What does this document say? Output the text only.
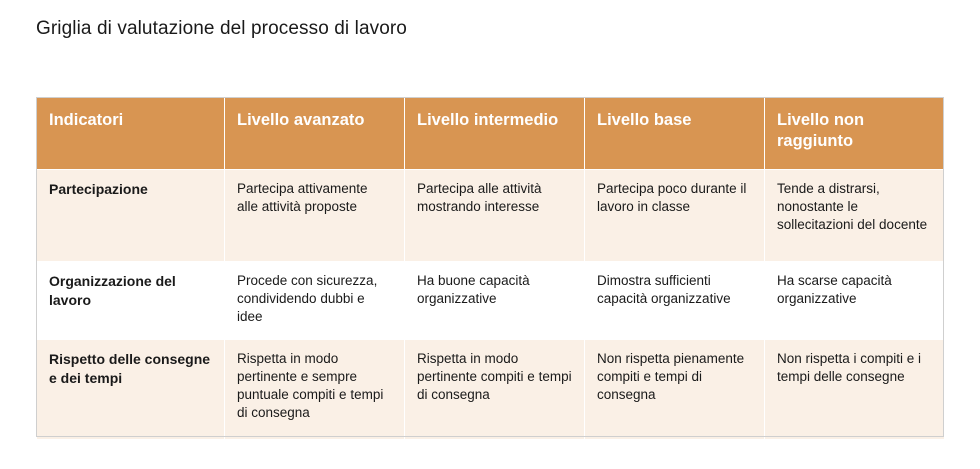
Griglia di valutazione del processo di lavoro
Indicatori	Livello avanzato	Livello intermedio	Livello base	Livello non raggiunto
Partecipazione	Partecipa attivamente alle attività proposte	Partecipa alle attività mostrando interesse	Partecipa poco durante il lavoro in classe	Tende a distrarsi, nonostante le sollecitazioni del docente
Organizzazione del lavoro	Procede con sicurezza, condividendo dubbi e idee	Ha buone capacità organizzative	Dimostra sufficienti capacità organizzative	Ha scarse capacità organizzative
Rispetto delle consegne e dei tempi	Rispetta in modo pertinente e sempre puntuale compiti e tempi di consegna	Rispetta in modo pertinente compiti e tempi di consegna	Non rispetta pienamente compiti e tempi di consegna	Non rispetta i compiti e i tempi delle consegne
